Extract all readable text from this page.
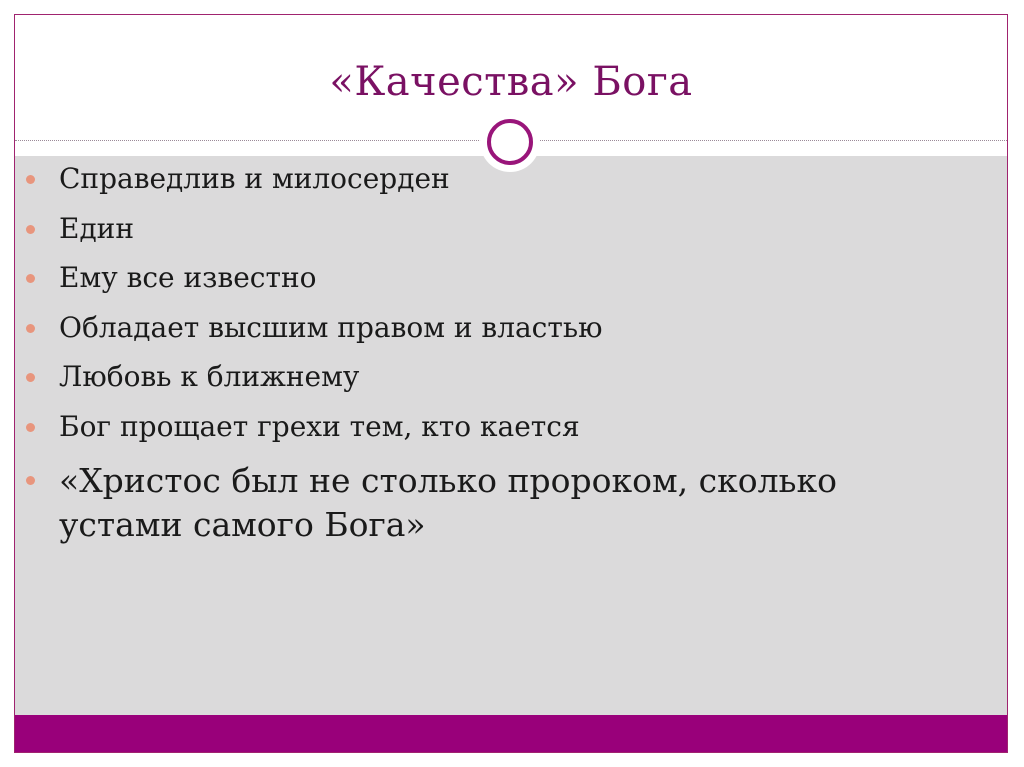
«Качества» Бога
Справедлив и милосерден
Един
Ему все известно
Обладает высшим правом и властью
Любовь к ближнему
Бог прощает грехи тем, кто кается
«Христос был не столько пророком, сколько устами самого Бога»
